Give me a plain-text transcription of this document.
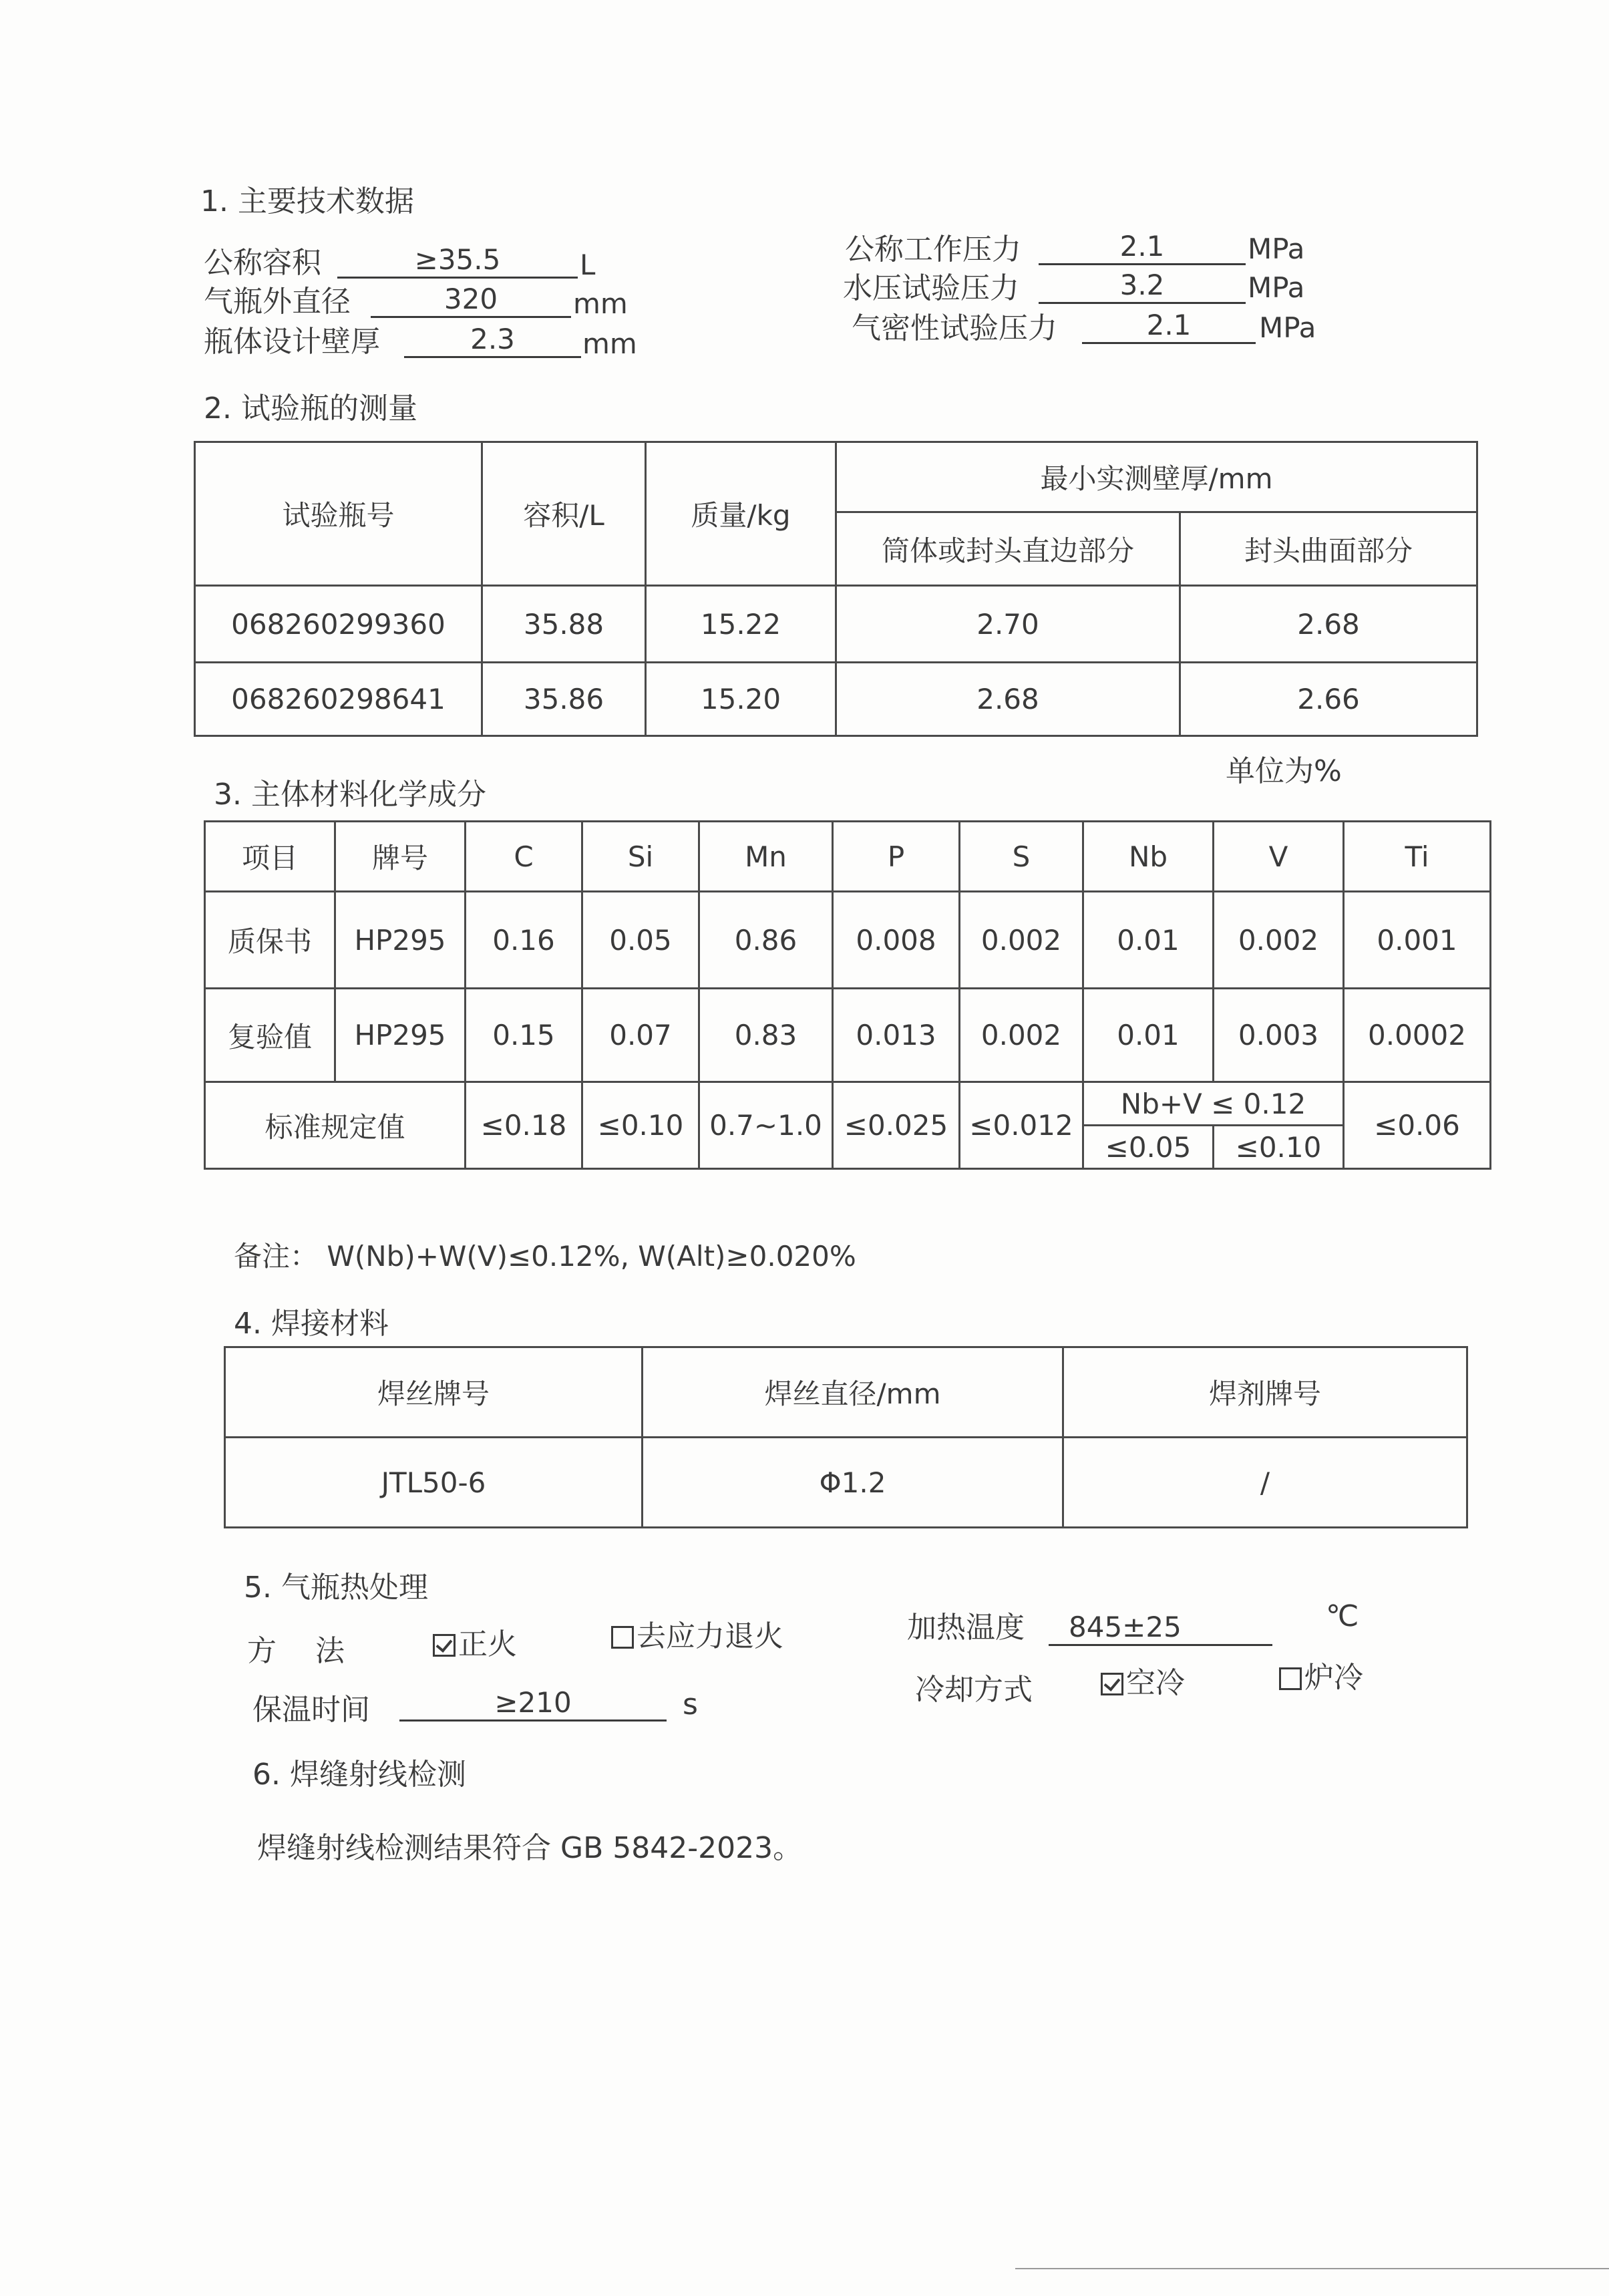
1. 主要技术数据
公称容积	≥35.5	L
气瓶外直径	320	mm
瓶体设计壁厚	2.3	mm
公称工作压力	2.1	MPa
水压试验压力	3.2	MPa
气密性试验压力	2.1	MPa
2. 试验瓶的测量
试验瓶号	容积/L	质量/kg	最小实测壁厚/mm	
			筒体或封头直边部分	封头曲面部分
068260299360	35.88	15.22	2.70	2.68
068260298641	35.86	15.20	2.68	2.66
3. 主体材料化学成分
单位为%
项目	牌号	C	Si	Mn	P	S	Nb	V	Ti
质保书	HP295	0.16	0.05	0.86	0.008	0.002	0.01	0.002	0.001
复验值	HP295	0.15	0.07	0.83	0.013	0.002	0.01	0.003	0.0002
标准规定值		≤0.18	≤0.10	0.7~1.0	≤0.025	≤0.012	Nb+V ≤ 0.12		≤0.06
							≤0.05	≤0.10	
备注： W(Nb)+W(V)≤0.12%, W(Alt)≥0.020%
4. 焊接材料
焊丝牌号	焊丝直径/mm	焊剂牌号
JTL50-6	Φ1.2	/
5. 气瓶热处理
方　 法	正火	去应力退火	加热温度	845±25	℃
保温时间	≥210	s	冷却方式	空冷	炉冷
6. 焊缝射线检测
焊缝射线检测结果符合 GB 5842-2023。
